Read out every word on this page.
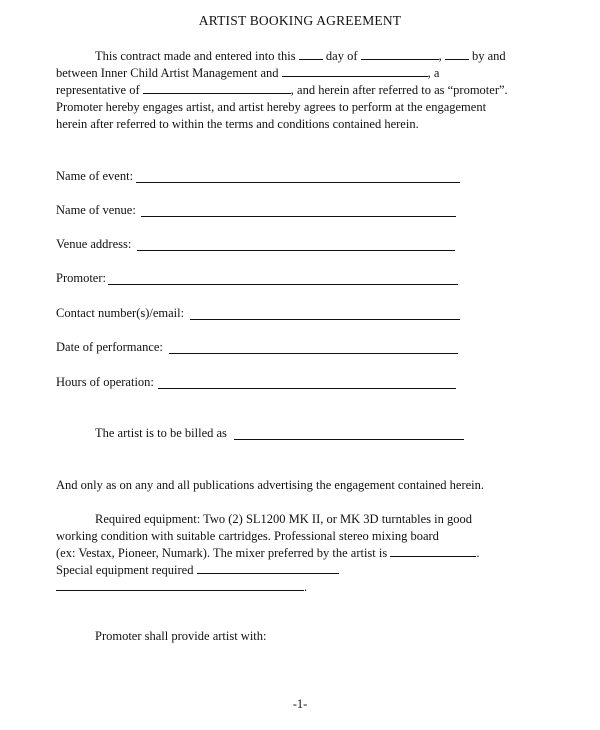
ARTIST BOOKING AGREEMENT
This contract made and entered into this day of	, by and
between Inner Child Artist Management and	, a
representative of	, and herein after referred to as “promoter”.
Promoter hereby engages artist, and artist hereby agrees to perform at the engagement
herein after referred to within the terms and conditions contained herein.
Name of event:
Name of venue:
Venue address:
Promoter:
Contact number(s)/email:
Date of performance:
Hours of operation:
The artist is to be billed as
And only as on any and all publications advertising the engagement contained herein.
Required equipment: Two (2) SL1200 MK II, or MK 3D turntables in good
working condition with suitable cartridges. Professional stereo mixing board
(ex: Vestax, Pioneer, Numark). The mixer preferred by the artist is	.
Special equipment required
.
Promoter shall provide artist with:
-1-
